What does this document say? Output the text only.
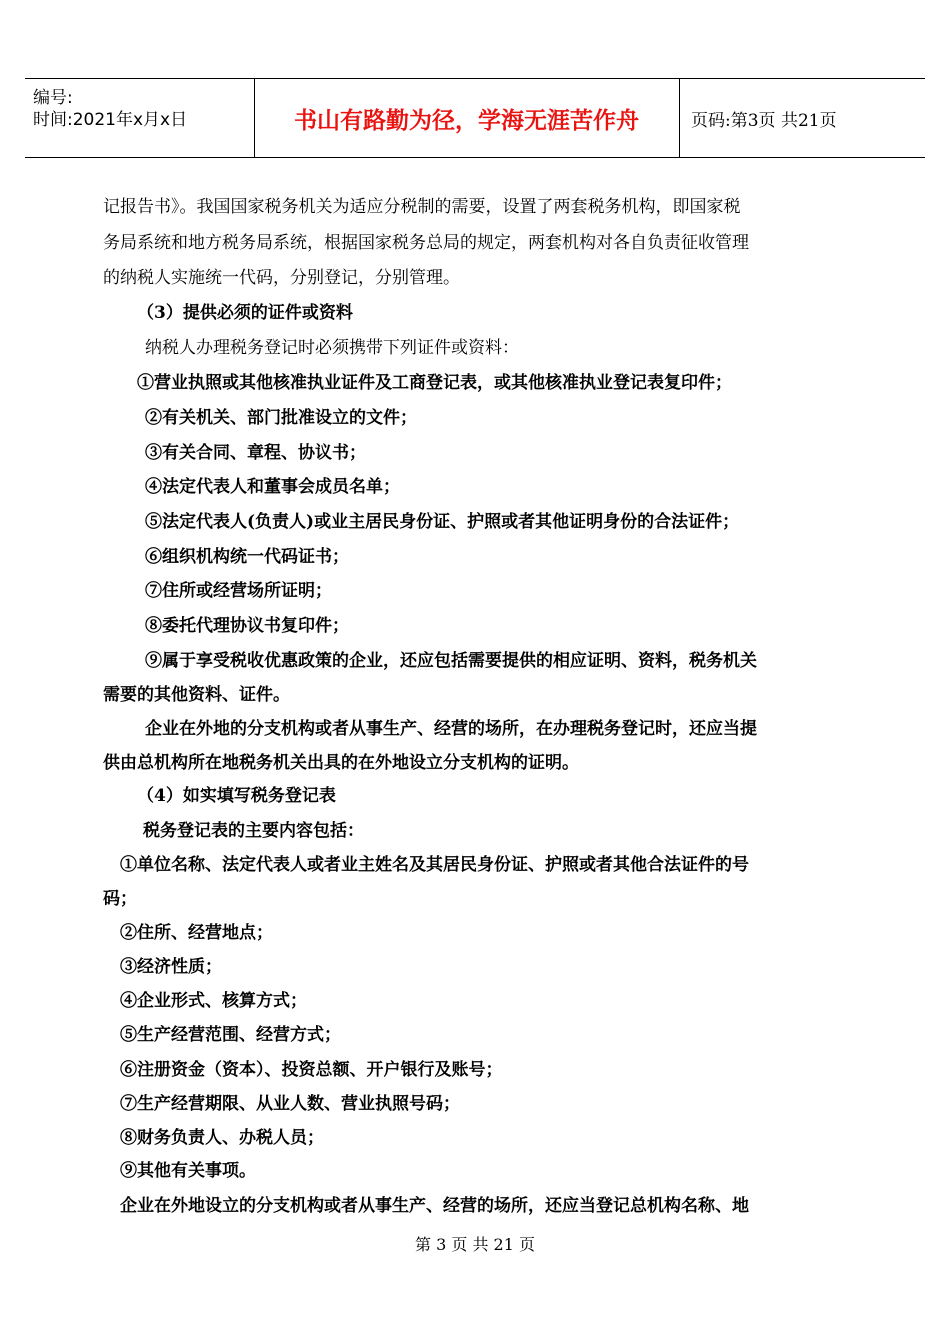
编号:
时间:2021年x月x日	书山有路勤为径，学海无涯苦作舟	页码:第3页 共21页
记报告书》。我国国家税务机关为适应分税制的需要，设置了两套税务机构，即国家税
务局系统和地方税务局系统，根据国家税务总局的规定，两套机构对各自负责征收管理
的纳税人实施统一代码，分别登记，分别管理。
（3）提供必须的证件或资料
纳税人办理税务登记时必须携带下列证件或资料：
①营业执照或其他核准执业证件及工商登记表，或其他核准执业登记表复印件；
②有关机关、部门批准设立的文件；
③有关合同、章程、协议书；
④法定代表人和董事会成员名单；
⑤法定代表人(负责人)或业主居民身份证、护照或者其他证明身份的合法证件；
⑥组织机构统一代码证书；
⑦住所或经营场所证明；
⑧委托代理协议书复印件；
⑨属于享受税收优惠政策的企业，还应包括需要提供的相应证明、资料，税务机关
需要的其他资料、证件。
企业在外地的分支机构或者从事生产、经营的场所，在办理税务登记时，还应当提
供由总机构所在地税务机关出具的在外地设立分支机构的证明。
（4）如实填写税务登记表
税务登记表的主要内容包括：
①单位名称、法定代表人或者业主姓名及其居民身份证、护照或者其他合法证件的号
码；
②住所、经营地点；
③经济性质；
④企业形式、核算方式；
⑤生产经营范围、经营方式；
⑥注册资金（资本）、投资总额、开户银行及账号；
⑦生产经营期限、从业人数、营业执照号码；
⑧财务负责人、办税人员；
⑨其他有关事项。
企业在外地设立的分支机构或者从事生产、经营的场所，还应当登记总机构名称、地
第 3 页 共 21 页
